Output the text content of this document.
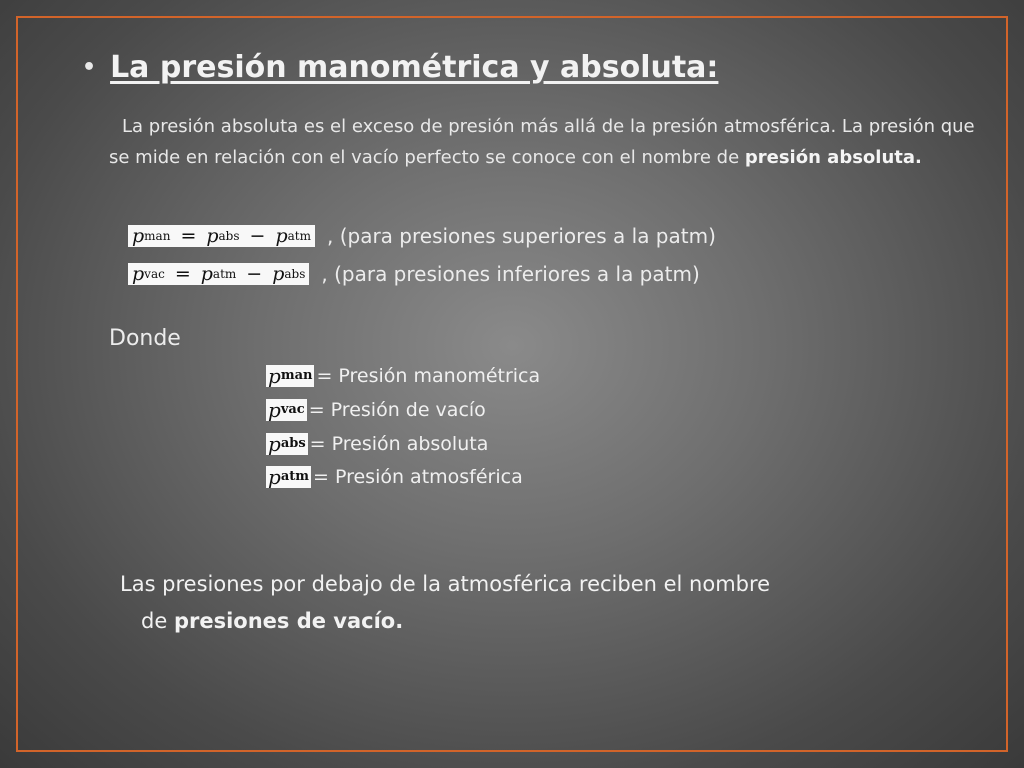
• La presión manométrica y absoluta:
La presión absoluta es el exceso de presión más allá de la presión atmosférica. La presión que se mide en relación con el vacío perfecto se conoce con el nombre de presión absoluta.
p man = p abs − p atm , (para presiones superiores a la patm)
p vac = p atm − p abs , (para presiones inferiores a la patm)
Donde
p man = Presión manométrica
p vac = Presión de vacío
p abs = Presión absoluta
p atm = Presión atmosférica
Las presiones por debajo de la atmosférica reciben el nombre
de presiones de vacío.
